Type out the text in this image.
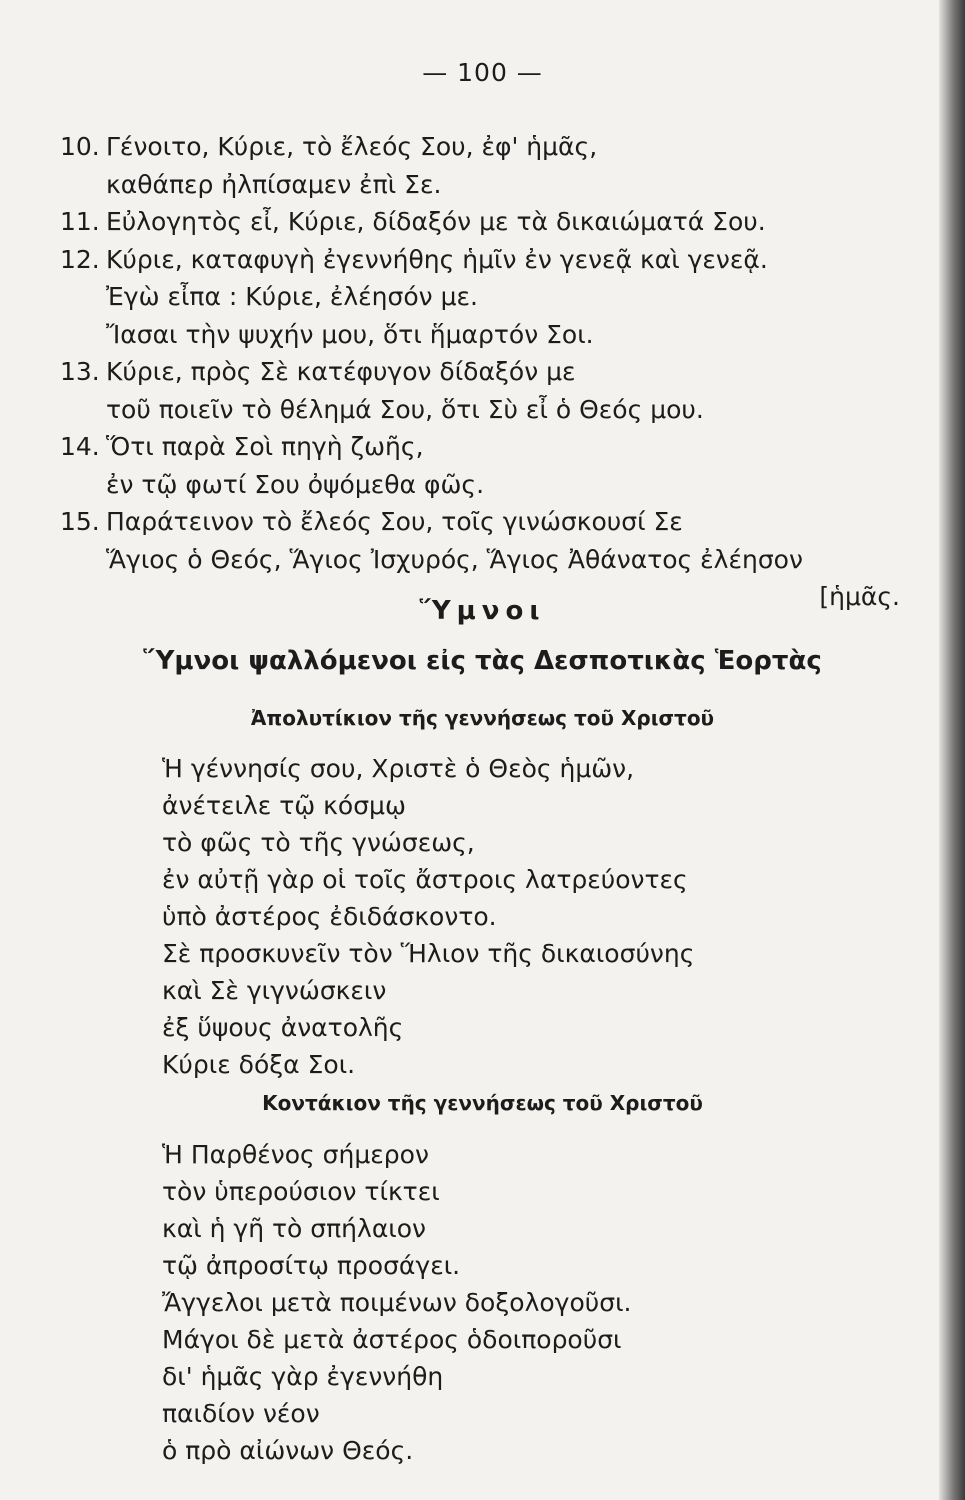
— 100 —
10. Γένοιτο, Κύριε, τὸ ἔλεός Σου, ἐφ' ἡμᾶς,
καθάπερ ἠλπίσαμεν ἐπὶ Σε.
11. Εὐλογητὸς εἶ, Κύριε, δίδαξόν με τὰ δικαιώματά Σου.
12. Κύριε, καταφυγὴ ἐγεννήθης ἡμῖν ἐν γενεᾷ καὶ γενεᾷ.
Ἐγὼ εἶπα : Κύριε, ἐλέησόν με.
Ἴασαι τὴν ψυχήν μου, ὅτι ἥμαρτόν Σοι.
13. Κύριε, πρὸς Σὲ κατέφυγον δίδαξόν με
τοῦ ποιεῖν τὸ θέλημά Σου, ὅτι Σὺ εἶ ὁ Θεός μου.
14. Ὅτι παρὰ Σοὶ πηγὴ ζωῆς,
ἐν τῷ φωτί Σου ὀψόμεθα φῶς.
15. Παράτεινον τὸ ἔλεός Σου, τοῖς γινώσκουσί Σε
Ἅγιος ὁ Θεός, Ἅγιος Ἰσχυρός, Ἅγιος Ἀθάνατος ἐλέησον
[ἡμᾶς.
Ὕμνοι
Ὕμνοι ψαλλόμενοι εἰς τὰς Δεσποτικὰς Ἑορτὰς
Ἀπολυτίκιον τῆς γεννήσεως τοῦ Χριστοῦ
Ἡ γέννησίς σου, Χριστὲ ὁ Θεὸς ἡμῶν,
ἀνέτειλε τῷ κόσμῳ
τὸ φῶς τὸ τῆς γνώσεως,
ἐν αὐτῇ γὰρ οἱ τοῖς ἄστροις λατρεύοντες
ὑπὸ ἀστέρος ἐδιδάσκοντο.
Σὲ προσκυνεῖν τὸν Ἥλιον τῆς δικαιοσύνης
καὶ Σὲ γιγνώσκειν
ἐξ ὕψους ἀνατολῆς
Κύριε δόξα Σοι.
Κοντάκιον τῆς γεννήσεως τοῦ Χριστοῦ
Ἡ Παρθένος σήμερον
τὸν ὑπερούσιον τίκτει
καὶ ἡ γῆ τὸ σπήλαιον
τῷ ἀπροσίτῳ προσάγει.
Ἄγγελοι μετὰ ποιμένων δοξολογοῦσι.
Μάγοι δὲ μετὰ ἀστέρος ὁδοιποροῦσι
δι' ἡμᾶς γὰρ ἐγεννήθη
παιδίον νέον
ὁ πρὸ αἰώνων Θεός.
